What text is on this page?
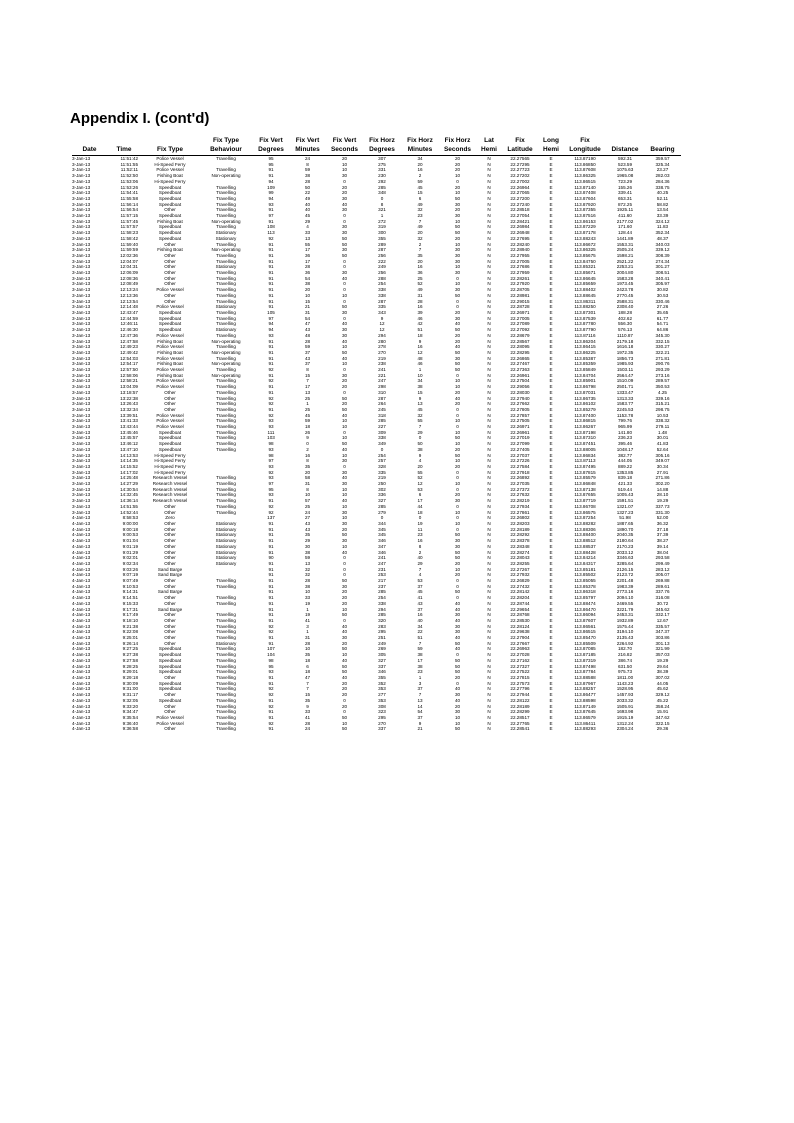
Appendix I. (cont'd)
			Fix Type	Fix Vert	Fix Vert	Fix Vert	Fix Horz	Fix Horz	Fix Horz	Lat	Fix	Long	Fix		
Date	Time	Fix Type	Behaviour	Degrees	Minutes	Seconds	Degrees	Minutes	Seconds	Hemi	Latitude	Hemi	Longitude	Distance	Bearing
3-Jan-13	11:51:42	Police Vessel	Travelling	95	24	20	307	34	20	N	22.27565	E	113.87190	592.31	359.57
3-Jan-13	11:51:55	Hi-Speed Ferry		95	8	10	275	20	20	N	22.27295	E	113.86850	523.59	325.34
3-Jan-13	11:52:11	Police Vessel	Travelling	91	59	10	331	16	20	N	22.27723	E	113.87608	1075.63	23.27
3-Jan-13	11:52:50	Fishing Boat	Non-operating	91	38	30	230	2	10	N	22.27202	E	113.86325	1965.08	282.03
3-Jan-13	11:53:06	Hi-Speed Ferry		94	28	0	292	59	0	N	22.27002	E	113.86515	723.29	284.36
3-Jan-13	11:53:26	Speedboat	Travelling	109	50	20	285	45	20	N	22.26964	E	113.87140	155.26	338.75
3-Jan-13	11:54:41	Speedboat	Travelling	99	22	20	348	15	10	N	22.27065	E	113.87408	339.41	40.25
3-Jan-13	11:55:58	Speedboat	Travelling	94	49	30	0	6	50	N	22.27200	E	113.87604	653.31	52.11
3-Jan-13	11:56:14	Speedboat	Travelling	93	40	40	8	49	30	N	22.27240	E	113.87920	872.25	58.82
3-Jan-13	11:56:54	Other	Travelling	91	40	30	321	32	20	N	22.28518	E	113.87355	1925.11	13.54
3-Jan-13	11:57:15	Speedboat	Travelling	97	45	0	1	23	30	N	22.27054	E	113.87516	411.60	33.39
3-Jan-13	11:57:45	Fishing Boat	Non-operating	91	29	0	272	7	10	N	22.28421	E	113.86153	2177.02	324.12
3-Jan-13	11:57:57	Speedboat	Travelling	108	4	30	319	49	50	N	22.26984	E	113.87229	171.60	11.83
3-Jan-13	11:58:23	Speedboat	Stationary	113	33	30	300	20	50	N	22.26948	E	113.87178	128.44	352.34
3-Jan-13	11:58:42	Speedboat	Stationary	92	13	50	355	32	20	N	22.27695	E	113.88243	1441.89	48.37
3-Jan-13	11:59:40	Other	Travelling	91	55	50	289	2	10	N	22.28240	E	113.86672	1553.31	340.03
3-Jan-13	11:59:59	Fishing Boat	Non-operating	91	17	30	287	7	30	N	22.28940	E	113.86325	2505.24	339.12
3-Jan-13	12:02:36	Other	Travelling	91	36	50	256	35	30	N	22.27955	E	113.85675	1598.21	308.39
3-Jan-13	12:04:07	Other	Travelling	91	17	0	222	20	30	N	22.27005	E	113.84750	2521.22	274.34
3-Jan-13	12:04:31	Other	Stationary	91	28	0	249	16	10	N	22.27686	E	113.85321	2253.21	301.27
3-Jan-13	12:06:09	Other	Travelling	91	36	30	256	36	30	N	22.27959	E	113.85671	2004.80	308.51
3-Jan-13	12:08:36	Other	Travelling	91	54	40	288	25	0	N	22.28261	E	113.86645	1583.28	340.41
3-Jan-13	12:08:49	Other	Travelling	91	38	0	254	52	10	N	22.27920	E	113.85659	1973.45	305.97
3-Jan-13	12:13:24	Police Vessel	Travelling	91	20	0	338	49	30	N	22.28705	E	113.88402	2423.78	30.82
3-Jan-13	12:13:36	Other	Travelling	91	10	10	338	31	50	N	22.28981	E	113.88645	2770.45	30.53
3-Jan-13	12:13:54	Other	Travelling	91	15	0	287	28	0	N	22.29015	E	113.86311	2588.31	330.46
3-Jan-13	12:14:48	Police Vessel	Stationary	91	21	50	335	16	0	N	22.28728	E	113.88250	2308.40	27.26
3-Jan-13	12:43:47	Speedboat	Travelling	105	31	30	343	39	20	N	22.26971	E	113.87301	188.28	35.65
3-Jan-13	12:44:59	Speedboat	Travelling	97	54	0	9	46	30	N	22.27005	E	113.87539	402.62	61.77
3-Jan-13	12:46:11	Speedboat	Travelling	94	47	40	12	42	40	N	22.27089	E	113.87780	556.30	54.71
3-Jan-13	12:46:30	Speedboat	Stationary	94	43	30	12	51	50	N	22.27092	E	113.87790	576.13	64.86
3-Jan-13	12:47:36	Police Vessel	Travelling	93	48	30	294	18	20	N	22.28679	E	113.87116	1110.87	345.30
3-Jan-13	12:47:58	Fishing Boat	Non-operating	91	28	40	280	9	20	N	22.28567	E	113.86204	2179.18	332.15
3-Jan-13	12:49:23	Police Vessel	Travelling	91	59	10	278	16	40	N	22.28095	E	113.86415	1616.18	330.27
3-Jan-13	12:49:42	Fishing Boat	Non-operating	91	37	50	270	12	50	N	22.28295	E	113.86225	1972.35	322.21
3-Jan-13	12:54:03	Police Vessel	Travelling	91	43	40	219	48	30	N	22.26865	E	113.85387	1856.73	271.81
3-Jan-13	12:54:17	Fishing Boat	Non-operating	91	37	10	238	46	50	N	22.27467	E	113.85359	1985.93	290.76
3-Jan-13	12:57:50	Police Vessel	Travelling	92	8	0	241	1	50	N	22.27363	E	113.85849	1503.11	293.29
3-Jan-13	12:58:06	Fishing Boat	Non-operating	91	15	30	221	10	0	N	22.26961	E	113.84704	2564.47	273.16
3-Jan-13	12:58:21	Police Vessel	Travelling	92	7	20	247	34	10	N	22.27504	E	113.85901	1510.09	289.57
3-Jan-13	13:04:09	Police Vessel	Travelling	91	17	20	298	38	10	N	22.29056	E	113.86798	2501.71	350.53
3-Jan-13	13:18:57	Other	Travelling	91	13	0	310	15	20	N	22.28030	E	113.87031	1333.47	4.25
3-Jan-13	13:22:38	Other	Travelling	92	25	50	287	9	40	N	22.27940	E	113.86735	1313.33	339.16
3-Jan-13	13:26:43	Other	Travelling	92	1	20	264	13	20	N	22.27662	E	113.86102	1583.77	315.21
3-Jan-13	13:32:34	Other	Travelling	91	25	50	245	45	0	N	22.27805	E	113.85279	2245.53	298.75
3-Jan-13	13:39:51	Police Vessel	Travelling	92	45	40	318	32	0	N	22.27857	E	113.87400	1153.78	10.53
3-Jan-13	13:41:33	Police Vessel	Travelling	93	59	10	285	55	10	N	22.27505	E	113.86815	799.76	338.32
3-Jan-13	13:43:44	Police Vessel	Travelling	93	18	10	227	7	0	N	22.26971	E	113.86267	965.99	279.11
3-Jan-13	13:45:46	Speedboat	Travelling	111	26	0	309	29	10	N	22.26961	E	113.87198	141.80	1.48
3-Jan-13	13:45:57	Speedboat	Travelling	103	9	10	338	0	50	N	22.27019	E	113.87310	236.23	30.01
3-Jan-13	13:46:12	Speedboat	Travelling	98	0	50	349	50	10	N	22.27099	E	113.87451	395.46	41.83
3-Jan-13	13:47:10	Speedboat	Travelling	93	2	40	0	38	20	N	22.27405	E	113.88005	1048.17	52.64
3-Jan-13	14:13:53	Hi-Speed Ferry		98	16	10	254	9	50	N	22.27037	E	113.86834	382.77	305.16
3-Jan-13	14:14:35	Hi-Speed Ferry		97	8	30	257	4	10	N	22.27226	E	113.87113	444.05	349.07
3-Jan-13	14:15:52	Hi-Speed Ferry		93	35	0	328	20	20	N	22.27584	E	113.87495	889.22	30.34
3-Jan-13	14:17:02	Hi-Speed Ferry		92	20	30	335	55	0	N	22.27918	E	113.87815	1353.85	27.91
3-Jan-13	14:25:48	Research Vessel	Travelling	93	58	40	219	52	0	N	22.26892	E	113.85579	839.18	271.86
3-Jan-13	14:27:29	Research Vessel	Travelling	97	31	30	250	12	10	N	22.27035	E	113.86848	421.33	302.20
3-Jan-13	14:30:54	Research Vessel	Travelling	95	8	10	302	53	0	N	22.27372	E	113.87138	519.44	14.88
3-Jan-13	14:32:45	Research Vessel	Travelling	93	10	10	336	6	20	N	22.27632	E	113.87655	1005.43	28.10
3-Jan-13	14:36:14	Research Vessel	Travelling	91	57	40	327	17	30	N	22.28219	E	113.87719	1591.51	19.29
3-Jan-13	14:51:55	Other	Travelling	92	25	10	285	44	0	N	22.27934	E	113.86708	1321.07	337.73
3-Jan-13	14:52:44	Other	Travelling	92	24	30	279	18	10	N	22.27861	E	113.86575	1327.23	331.30
4-Jan-13	8:58:53	Zero		137	27	10	0	0	0	N	22.26802	E	113.87254	51.98	52.00
4-Jan-13	9:00:00	Other	Stationary	91	43	30	344	19	10	N	22.28203	E	113.88282	1887.65	36.32
4-Jan-13	9:00:18	Other	Stationary	91	43	20	345	11	0	N	22.28189	E	113.88306	1890.70	37.18
4-Jan-13	9:00:53	Other	Stationary	91	35	50	345	23	50	N	22.28292	E	113.88400	2040.35	37.39
4-Jan-13	9:01:04	Other	Stationary	91	29	30	346	16	30	N	22.28378	E	113.88512	2180.64	38.27
4-Jan-13	9:01:19	Other	Stationary	91	30	10	347	8	30	N	22.28348	E	113.88537	2170.23	39.14
4-Jan-13	9:01:29	Other	Stationary	91	38	40	346	2	50	N	22.28274	E	113.88428	2033.12	38.04
4-Jan-13	9:02:01	Other	Stationary	90	59	0	241	40	50	N	22.28043	E	113.84214	3346.63	293.58
4-Jan-13	9:02:34	Other	Stationary	91	13	0	247	29	20	N	22.28255	E	113.84317	3285.64	299.49
4-Jan-13	9:03:26	Sand Barge		91	32	0	231	7	10	N	22.27267	E	113.85181	2126.15	283.12
4-Jan-13	9:07:19	Sand Barge		91	32	0	253	4	20	N	22.27932	E	113.85502	2123.72	305.07
4-Jan-13	9:07:49	Other	Travelling	91	28	50	217	53	0	N	22.26829	E	113.85055	2201.48	269.88
4-Jan-13	9:10:53	Other	Travelling	91	38	30	237	37	0	N	22.27432	E	113.85378	1983.39	289.61
4-Jan-13	9:14:31	Sand Barge		91	10	20	285	45	50	N	22.28142	E	113.86318	2773.16	337.76
4-Jan-13	9:14:51	Other	Travelling	91	33	20	254	41	0	N	22.28204	E	113.85797	2094.10	316.08
4-Jan-13	9:15:33	Other	Travelling	91	19	20	338	43	40	N	22.28744	E	113.88474	2469.55	30.72
4-Jan-13	9:17:31	Sand Barge		91	1	10	294	37	40	N	22.29654	E	113.86470	3221.79	345.62
4-Jan-13	9:17:49	Other	Travelling	91	19	50	285	16	30	N	22.28768	E	113.86094	2453.31	332.17
4-Jan-13	9:18:10	Other	Travelling	91	41	0	320	40	40	N	22.28530	E	113.87607	1932.89	12.67
4-Jan-13	9:21:38	Other	Travelling	92	3	40	283	34	30	N	22.28124	E	113.86561	1575.44	335.57
4-Jan-13	9:22:08	Other	Travelling	92	1	40	295	22	30	N	22.29638	E	113.86515	3194.10	347.37
4-Jan-13	9:25:01	Other	Travelling	91	31	30	251	51	40	N	22.27904	E	113.85470	2135.43	303.86
4-Jan-13	9:26:14	Other	Stationary	91	28	20	249	7	50	N	22.27667	E	113.85509	2264.92	301.13
4-Jan-13	9:27:25	Speedboat	Travelling	107	10	50	269	59	40	N	22.26963	E	113.87085	182.70	321.99
4-Jan-13	9:27:38	Speedboat	Travelling	104	35	10	305	38	0	N	22.27028	E	113.87185	216.82	357.03
4-Jan-13	9:27:58	Speedboat	Travelling	98	18	40	327	17	50	N	22.27162	E	113.87319	386.74	19.29
4-Jan-13	9:28:25	Speedboat	Travelling	95	6	50	337	38	50	N	22.27327	E	113.87498	631.50	29.64
4-Jan-13	9:29:01	Speedboat	Travelling	93	18	50	346	23	50	N	22.27522	E	113.87784	975.73	38.39
4-Jan-13	9:29:18	Other	Travelling	91	47	40	355	1	20	N	22.27815	E	113.88588	1811.00	307.02
4-Jan-13	9:30:09	Speedboat	Travelling	91	7	20	352	3	0	N	22.27573	E	113.87967	1143.23	44.05
4-Jan-13	9:31:00	Speedboat	Travelling	92	7	20	353	37	40	N	22.27796	E	113.88257	1528.95	45.62
4-Jan-13	9:31:17	Other	Travelling	92	15	20	277	7	30	N	22.27944	E	113.86477	1457.93	329.12
4-Jan-13	9:32:05	Speedboat	Travelling	91	35	0	353	13	40	N	22.28122	E	113.88598	2033.32	45.22
4-Jan-13	9:33:20	Other	Travelling	92	9	20	308	14	20	N	22.28189	E	113.87149	1505.91	358.24
4-Jan-13	9:34:47	Other	Travelling	91	33	0	323	54	30	N	22.28299	E	113.87645	1693.98	15.91
4-Jan-13	9:35:54	Police Vessel	Travelling	91	41	50	295	37	10	N	22.28517	E	113.86579	1915.19	347.62
4-Jan-13	9:36:40	Police Vessel	Travelling	92	28	10	270	9	10	N	22.27765	E	113.86411	1312.24	322.15
4-Jan-13	9:36:58	Other	Travelling	91	24	50	337	21	50	N	22.28541	E	113.88293	2304.24	29.36
